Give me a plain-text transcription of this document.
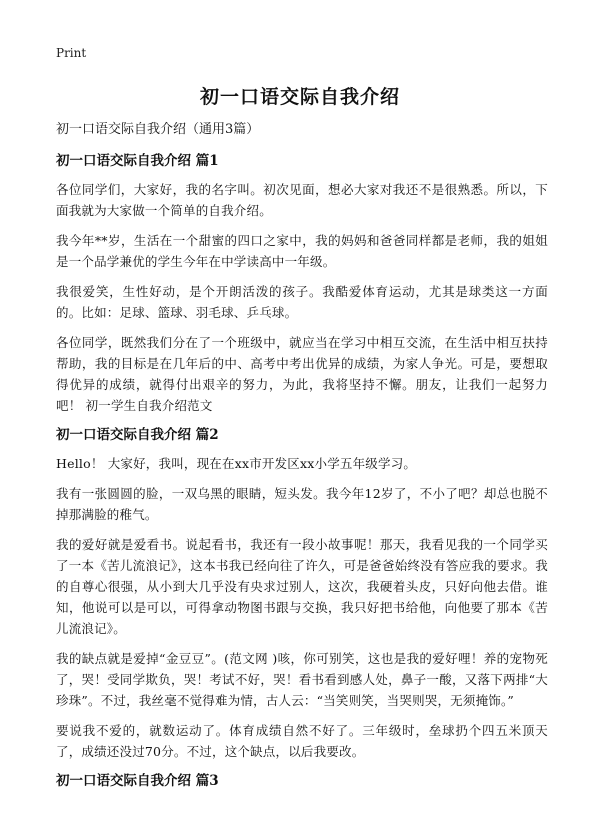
Print
初一口语交际自我介绍
初一口语交际自我介绍（通用3篇）
初一口语交际自我介绍 篇1

各位同学们，大家好，我的名字叫。初次见面，想必大家对我还不是很熟悉。所以，下面我就为大家做一个简单的自我介绍。

我今年**岁，生活在一个甜蜜的四口之家中，我的妈妈和爸爸同样都是老师，我的姐姐是一个品学兼优的学生今年在中学读高中一年级。

我很爱笑，生性好动，是个开朗活泼的孩子。我酷爱体育运动，尤其是球类这一方面的。比如：足球、篮球、羽毛球、乒乓球。

各位同学，既然我们分在了一个班级中，就应当在学习中相互交流，在生活中相互扶持帮助，我的目标是在几年后的中、高考中考出优异的成绩，为家人争光。可是，要想取得优异的成绩，就得付出艰辛的努力，为此，我将坚持不懈。朋友，让我们一起努力吧！ 初一学生自我介绍范文

初一口语交际自我介绍 篇2

Hello！ 大家好，我叫，现在在xx市开发区xx小学五年级学习。

我有一张圆圆的脸，一双乌黑的眼睛，短头发。我今年12岁了，不小了吧？却总也脱不掉那满脸的稚气。

我的爱好就是爱看书。说起看书，我还有一段小故事呢！那天，我看见我的一个同学买了一本《苦儿流浪记》，这本书我已经向往了许久，可是爸爸始终没有答应我的要求。我的自尊心很强，从小到大几乎没有央求过别人，这次，我硬着头皮，只好向他去借。谁知，他说可以是可以，可得拿动物图书跟与交换，我只好把书给他，向他要了那本《苦儿流浪记》。

我的缺点就是爱掉“金豆豆”。(范文网 )咳，你可别笑，这也是我的爱好哩！养的宠物死了，哭！受同学欺负，哭！考试不好，哭！看书看到感人处，鼻子一酸，又落下两排“大珍珠”。不过，我丝毫不觉得难为情，古人云：“当笑则笑，当哭则哭，无须掩饰。”

要说我不爱的，就数运动了。体育成绩自然不好了。三年级时，垒球扔个四五米顶天了，成绩还没过70分。不过，这个缺点，以后我要改。

初一口语交际自我介绍 篇3
